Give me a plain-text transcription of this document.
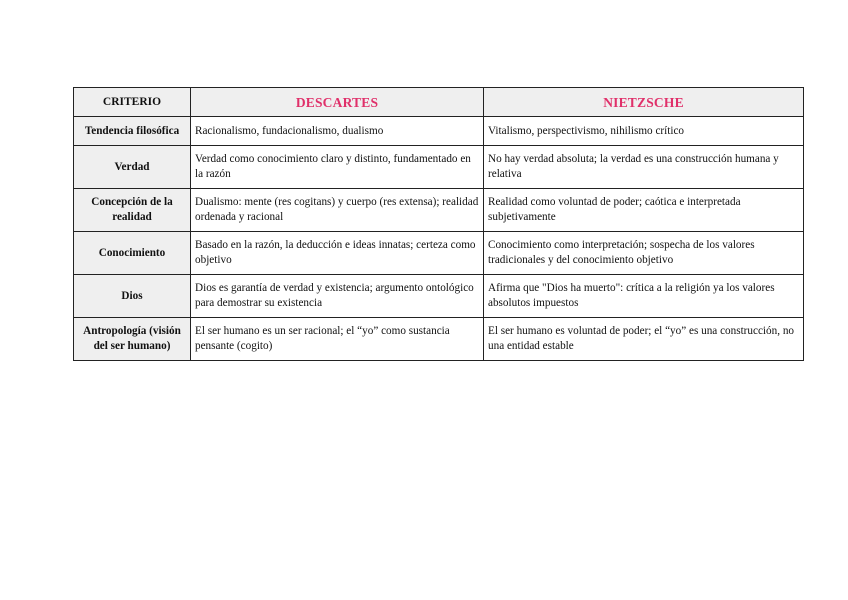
CRITERIO	DESCARTES	NIETZSCHE
Tendencia filosófica	Racionalismo, fundacionalismo, dualismo	Vitalismo, perspectivismo, nihilismo crítico
Verdad	Verdad como conocimiento claro y distinto, fundamentado en la razón	No hay verdad absoluta; la verdad es una construcción humana y relativa
Concepción de la realidad	Dualismo: mente (res cogitans) y cuerpo (res extensa); realidad ordenada y racional	Realidad como voluntad de poder; caótica e interpretada subjetivamente
Conocimiento	Basado en la razón, la deducción e ideas innatas; certeza como objetivo	Conocimiento como interpretación; sospecha de los valores tradicionales y del conocimiento objetivo
Dios	Dios es garantía de verdad y existencia; argumento ontológico para demostrar su existencia	Afirma que "Dios ha muerto": crítica a la religión ya los valores absolutos impuestos
Antropología (visión del ser humano)	El ser humano es un ser racional; el “yo” como sustancia pensante (cogito)	El ser humano es voluntad de poder; el “yo” es una construcción, no una entidad estable
